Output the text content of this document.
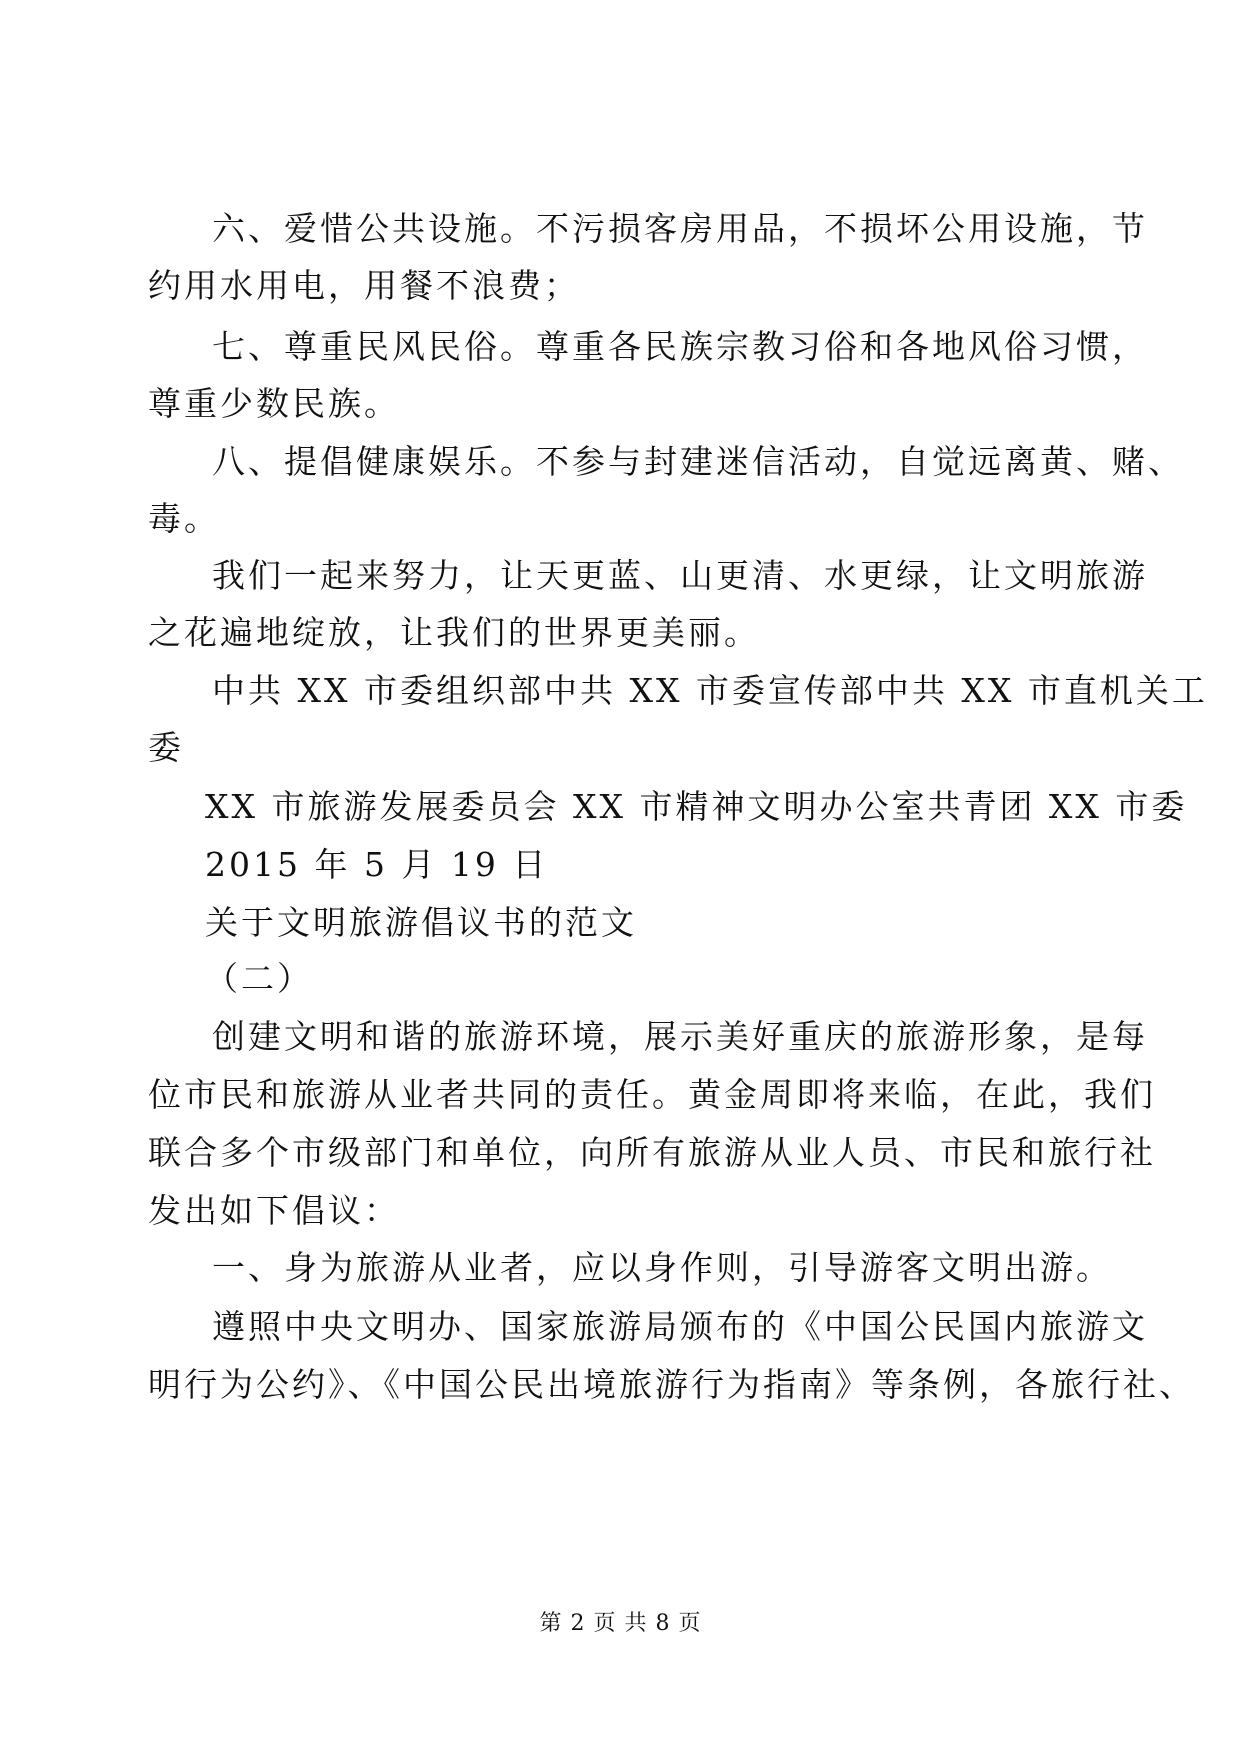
六、爱惜公共设施。不污损客房用品，不损坏公用设施，节
约用水用电，用餐不浪费；
七、尊重民风民俗。尊重各民族宗教习俗和各地风俗习惯，
尊重少数民族。
八、提倡健康娱乐。不参与封建迷信活动，自觉远离黄、赌、
毒。
我们一起来努力，让天更蓝、山更清、水更绿，让文明旅游
之花遍地绽放，让我们的世界更美丽。
中共 XX 市委组织部中共 XX 市委宣传部中共 XX 市直机关工
委
XX 市旅游发展委员会 XX 市精神文明办公室共青团 XX 市委
2015 年 5 月 19 日
关于文明旅游倡议书的范文
（二）
创建文明和谐的旅游环境，展示美好重庆的旅游形象，是每
位市民和旅游从业者共同的责任。黄金周即将来临，在此，我们
联合多个市级部门和单位，向所有旅游从业人员、市民和旅行社
发出如下倡议：
一、身为旅游从业者，应以身作则，引导游客文明出游。
遵照中央文明办、国家旅游局颁布的《中国公民国内旅游文
明行为公约》、《中国公民出境旅游行为指南》等条例，各旅行社、
第 2 页 共 8 页
